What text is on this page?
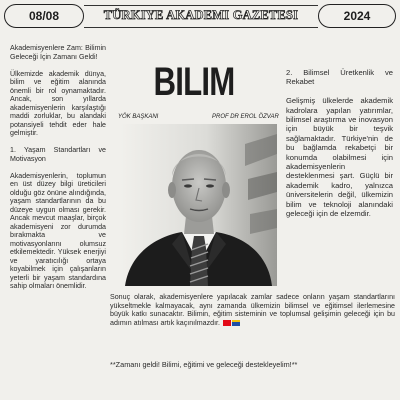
08/08	TÜRKIYE AKADEMI GAZETESI	2024

Akademisyenlere Zam: Bilimin Geleceği İçin Zamanı Geldi!

Ülkemizde akademik dünya, bilim ve eğitim alanında önemli bir rol oynamaktadır. Ancak, son yıllarda akademisyenlerin karşılaştığı maddi zorluklar, bu alandaki potansiyeli tehdit eder hale gelmiştir.

1. Yaşam Standartları ve Motivasyon

Akademisyenlerin, toplumun en üst düzey bilgi üreticileri olduğu göz önüne alındığında, yaşam standartlarının da bu düzeye uygun olması gerekir. Ancak mevcut maaşlar, birçok akademisyeni zor durumda bırakmakta ve motivasyonlarını olumsuz etkilemektedir. Yüksek enerjiyi ve yaratıcılığı ortaya koyabilmek için çalışanların yeterli bir yaşam standardına sahip olmaları önemlidir.

BILIM
YÖK BAŞKANI	PROF DR EROL ÖZVAR

2. Bilimsel Üretkenlik ve Rekabet

Gelişmiş ülkelerde akademik kadrolara yapılan yatırımlar, bilimsel araştırma ve inovasyon için büyük bir teşvik sağlamaktadır. Türkiye'nin de bu bağlamda rekabetçi bir konumda olabilmesi için akademisyenlerin desteklenmesi şart. Güçlü bir akademik kadro, yalnızca üniversitelerin değil, ülkemizin bilim ve teknoloji alanındaki geleceği için de elzemdir.

Sonuç olarak, akademisyenlere yapılacak zamlar sadece onların yaşam standartlarını yükseltmekle kalmayacak, aynı zamanda ülkemizin bilimsel ve eğitimsel ilerlemesine büyük katkı sunacaktır. Bilimin, eğitim sisteminin ve toplumsal gelişimin geleceği için bu adımın atılması artık kaçınılmazdır.
**Zamanı geldi! Bilimi, eğitimi ve geleceği destekleyelim!**
